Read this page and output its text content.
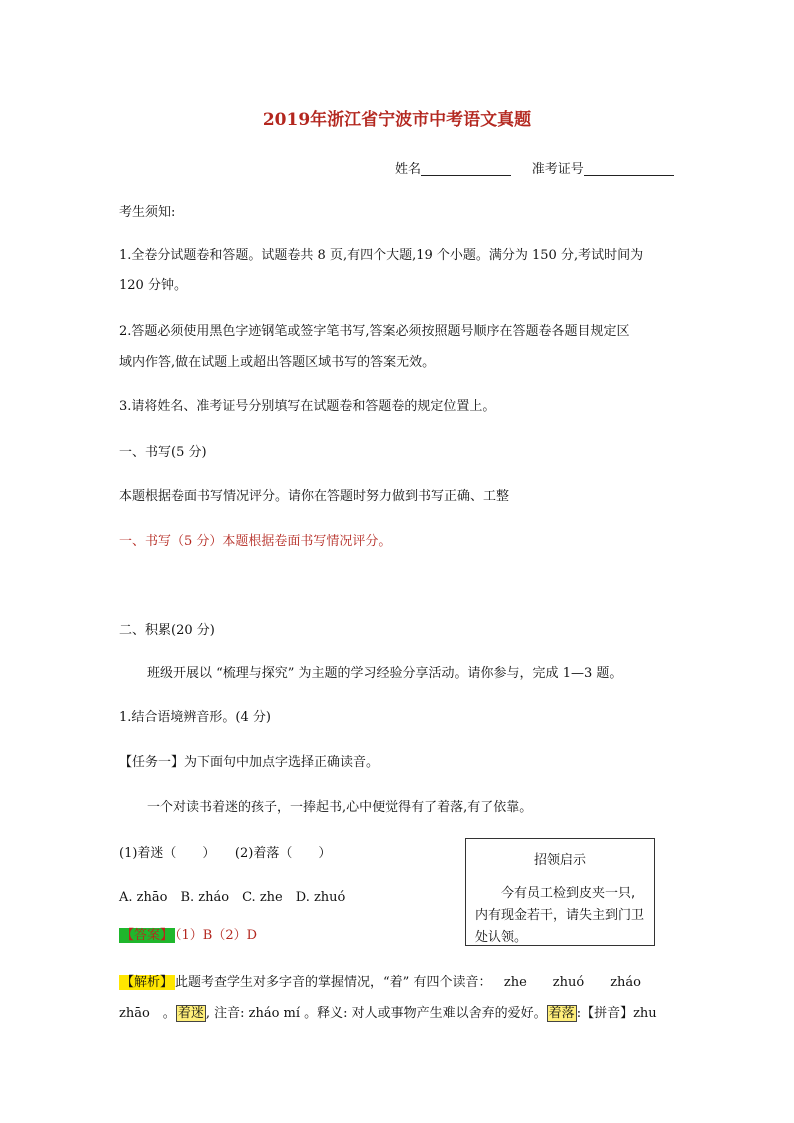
2019年浙江省宁波市中考语文真题
姓名	准考证号
考生须知:
1.全卷分试题卷和答题。试题卷共 8 页,有四个大题,19 个小题。满分为 150 分,考试时间为
120 分钟。
2.答题必须使用黑色字迹钢笔或签字笔书写,答案必须按照题号顺序在答题卷各题目规定区
域内作答,做在试题上或超出答题区域书写的答案无效。
3.请将姓名、准考证号分别填写在试题卷和答题卷的规定位置上。
一、书写(5 分)
本题根据卷面书写情况评分。请你在答题时努力做到书写正确、工整
一、书写（5 分）本题根据卷面书写情况评分。
二、积累(20 分)
班级开展以 “梳理与探究” 为主题的学习经验分享活动。请你参与，完成 1—3 题。
1.结合语境辨音形。(4 分)
【任务一】为下面句中加点字选择正确读音。
一个对读书着迷的孩子，一捧起书,心中便觉得有了着落,有了依靠。
(1)着迷（　　）　　(2)着落（　　）
A. zhāo　B. zháo　C. zhe　D. zhuó
【答案】 （1）B（2）D
【解析】 此题考查学生对多字音的掌握情况，“着” 有四个读音： zhe　　zhuó　　zháo
zhāo　。 着迷 , 注音: zháo mí 。释义: 对人或事物产生难以舍弃的爱好。 着落 :【拼音】zhu
招领启示
今有员工检到皮夹一只,内有现金若干，请失主到门卫处认领。
